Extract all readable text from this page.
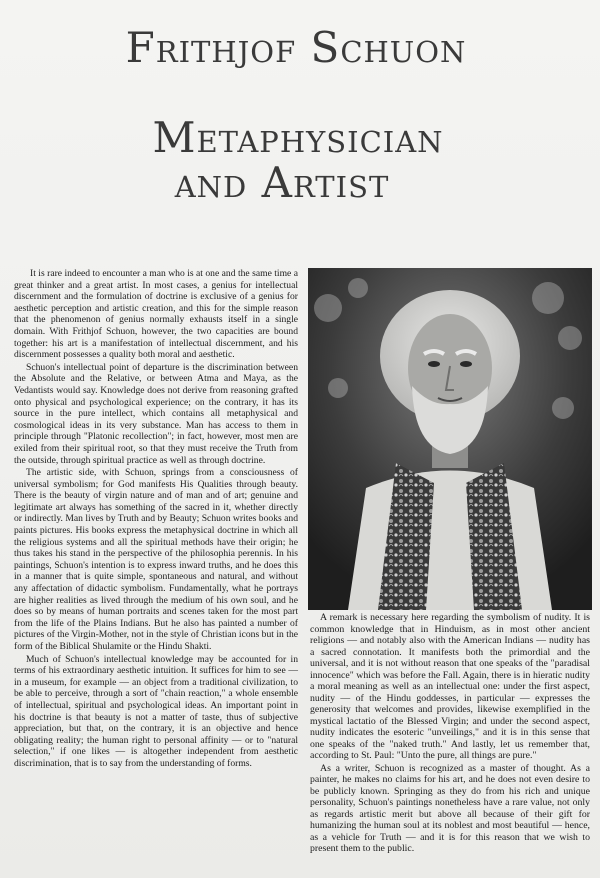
Frithjof Schuon
Metaphysician
and Artist

It is rare indeed to encounter a man who is at one and the same time a great thinker and a great artist. In most cases, a genius for intellectual discernment and the formulation of doctrine is exclusive of a genius for aesthetic perception and artistic creation, and this for the simple reason that the phenomenon of genius normally exhausts itself in a single domain. With Frithjof Schuon, however, the two capacities are bound together: his art is a manifestation of intellectual discernment, and his discernment possesses a quality both moral and aesthetic.

Schuon's intellectual point of departure is the discrimination between the Absolute and the Relative, or between Atma and Maya, as the Vedantists would say. Knowledge does not derive from reasoning grafted onto physical and psychological experience; on the contrary, it has its source in the pure intellect, which contains all metaphysical and cosmological ideas in its very substance. Man has access to them in principle through "Platonic recollection"; in fact, however, most men are exiled from their spiritual root, so that they must receive the Truth from the outside, through spiritual practice as well as through doctrine.

The artistic side, with Schuon, springs from a consciousness of universal symbolism; for God manifests His Qualities through beauty. There is the beauty of virgin nature and of man and of art; genuine and legitimate art always has something of the sacred in it, whether directly or indirectly. Man lives by Truth and by Beauty; Schuon writes books and paints pictures. His books express the metaphysical doctrine in which all the religious systems and all the spiritual methods have their origin; he thus takes his stand in the perspective of the philosophia perennis. In his paintings, Schuon's intention is to express inward truths, and he does this in a manner that is quite simple, spontaneous and natural, and without any affectation of didactic symbolism. Fundamentally, what he portrays are higher realities as lived through the medium of his own soul, and he does so by means of human portraits and scenes taken for the most part from the life of the Plains Indians. But he also has painted a number of pictures of the Virgin-Mother, not in the style of Christian icons but in the form of the Biblical Shulamite or the Hindu Shakti.

Much of Schuon's intellectual knowledge may be accounted for in terms of his extraordinary aesthetic intuition. It suffices for him to see — in a museum, for example — an object from a traditional civilization, to be able to perceive, through a sort of "chain reaction," a whole ensemble of intellectual, spiritual and psychological ideas. An important point in his doctrine is that beauty is not a matter of taste, thus of subjective appreciation, but that, on the contrary, it is an objective and hence obligating reality; the human right to personal affinity — or to "natural selection," if one likes — is altogether independent from aesthetic discrimination, that is to say from the understanding of forms.

A remark is necessary here regarding the symbolism of nudity. It is common knowledge that in Hinduism, as in most other ancient religions — and notably also with the American Indians — nudity has a sacred connotation. It manifests both the primordial and the universal, and it is not without reason that one speaks of the "paradisal innocence" which was before the Fall. Again, there is in hieratic nudity a moral meaning as well as an intellectual one: under the first aspect, nudity — of the Hindu goddesses, in particular — expresses the generosity that welcomes and provides, likewise exemplified in the mystical lactatio of the Blessed Virgin; and under the second aspect, nudity indicates the esoteric "unveilings," and it is in this sense that one speaks of the "naked truth." And lastly, let us remember that, according to St. Paul: "Unto the pure, all things are pure."

As a writer, Schuon is recognized as a master of thought. As a painter, he makes no claims for his art, and he does not even desire to be publicly known. Springing as they do from his rich and unique personality, Schuon's paintings nonetheless have a rare value, not only as regards artistic merit but above all because of their gift for humanizing the human soul at its noblest and most beautiful — hence, as a vehicle for Truth — and it is for this reason that we wish to present them to the public.
